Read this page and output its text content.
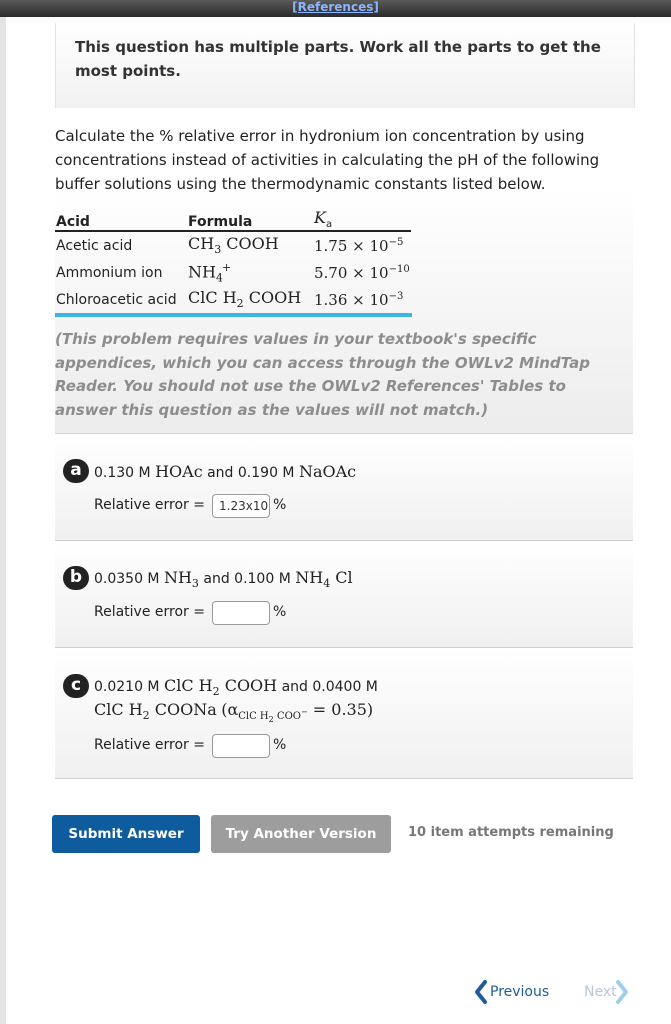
[References]

This question has multiple parts. Work all the parts to get the most points.

Calculate the % relative error in hydronium ion concentration by using concentrations instead of activities in calculating the pH of the following buffer solutions using the thermodynamic constants listed below.

Acid	Formula	$K_a$
Acetic acid	$CH_3$ COOH	$1.75 \times 10^{-5}$
Ammonium ion	$NH_4^+$	$5.70 \times 10^{-10}$
Chloroacetic acid	ClC $H_2$ COOH	$1.36 \times 10^{-3}$

(This problem requires values in your textbook's specific appendices, which you can access through the OWLv2 MindTap Reader. You should not use the OWLv2 References' Tables to answer this question as the values will not match.)

a 0.130 M HOAc and 0.190 M NaOAc
Relative error =	1.23x10 %
b 0.0350 M $NH_3$ and 0.100 M $NH_4$ Cl
Relative error =	%
c 0.0210 M ClC $H_2$ COOH and 0.0400 M
ClC $H_2$ COONa $(\alpha_{ClC H_2 COO^-} = 0.35)$
Relative error =	%
Submit Answer	Try Another Version	10 item attempts remaining
Previous Next
